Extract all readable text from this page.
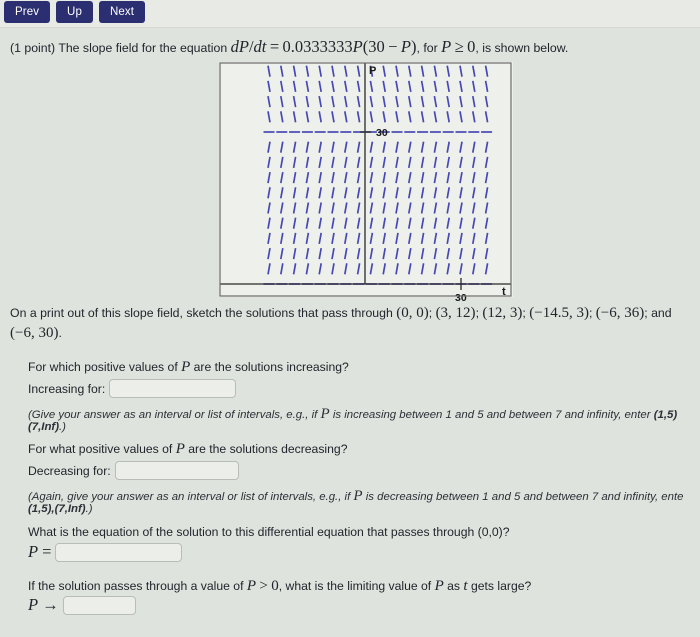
Prev	Up	Next
(1 point) The slope field for the equation dP/dt = 0.0333333P(30 − P), for P ≥ 0, is shown below.
30
P
30	t
On a print out of this slope field, sketch the solutions that pass through (0, 0); (3, 12); (12, 3); (−14.5, 3); (−6, 36); and
(−6, 30).
For which positive values of P are the solutions increasing?
Increasing for:
(Give your answer as an interval or list of intervals, e.g., if P is increasing between 1 and 5 and between 7 and infinity, enter (1,5)
(7,Inf).)
For what positive values of P are the solutions decreasing?
Decreasing for:
(Again, give your answer as an interval or list of intervals, e.g., if P is decreasing between 1 and 5 and between 7 and infinity, ente
(1,5),(7,Inf).)
What is the equation of the solution to this differential equation that passes through (0,0)?
P =
If the solution passes through a value of P > 0, what is the limiting value of P as t gets large?
P →
